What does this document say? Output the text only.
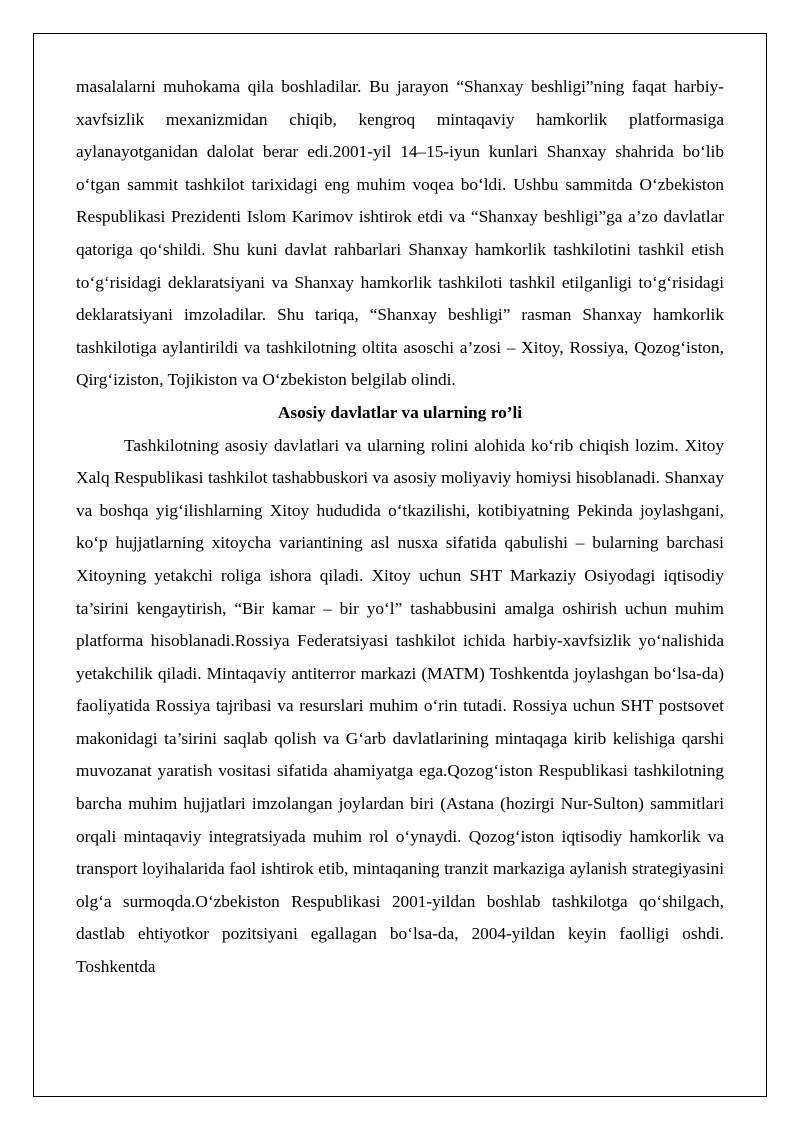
masalalarni muhokama qila boshladilar. Bu jarayon “Shanxay beshligi”ning faqat harbiy-xavfsizlik mexanizmidan chiqib, kengroq mintaqaviy hamkorlik platformasiga aylanayotganidan dalolat berar edi.2001-yil 14–15-iyun kunlari Shanxay shahrida bo‘lib o‘tgan sammit tashkilot tarixidagi eng muhim voqea bo‘ldi. Ushbu sammitda O‘zbekiston Respublikasi Prezidenti Islom Karimov ishtirok etdi va “Shanxay beshligi”ga a’zo davlatlar qatoriga qo‘shildi. Shu kuni davlat rahbarlari Shanxay hamkorlik tashkilotini tashkil etish to‘g‘risidagi deklaratsiyani va Shanxay hamkorlik tashkiloti tashkil etilganligi to‘g‘risidagi deklaratsiyani imzoladilar. Shu tariqa, “Shanxay beshligi” rasman Shanxay hamkorlik tashkilotiga aylantirildi va tashkilotning oltita asoschi a’zosi – Xitoy, Rossiya, Qozog‘iston, Qirg‘iziston, Tojikiston va O‘zbekiston belgilab olindi.

Asosiy davlatlar va ularning ro’li

Tashkilotning asosiy davlatlari va ularning rolini alohida ko‘rib chiqish lozim. Xitoy Xalq Respublikasi tashkilot tashabbuskori va asosiy moliyaviy homiysi hisoblanadi. Shanxay va boshqa yig‘ilishlarning Xitoy hududida o‘tkazilishi, kotibiyatning Pekinda joylashgani, ko‘p hujjatlarning xitoycha variantining asl nusxa sifatida qabulishi – bularning barchasi Xitoyning yetakchi roliga ishora qiladi. Xitoy uchun SHT Markaziy Osiyodagi iqtisodiy ta’sirini kengaytirish, “Bir kamar – bir yo‘l” tashabbusini amalga oshirish uchun muhim platforma hisoblanadi.Rossiya Federatsiyasi tashkilot ichida harbiy-xavfsizlik yo‘nalishida yetakchilik qiladi. Mintaqaviy antiterror markazi (MATM) Toshkentda joylashgan bo‘lsa-da) faoliyatida Rossiya tajribasi va resurslari muhim o‘rin tutadi. Rossiya uchun SHT postsovet makonidagi ta’sirini saqlab qolish va G‘arb davlatlarining mintaqaga kirib kelishiga qarshi muvozanat yaratish vositasi sifatida ahamiyatga ega.Qozog‘iston Respublikasi tashkilotning barcha muhim hujjatlari imzolangan joylardan biri (Astana (hozirgi Nur-Sulton) sammitlari orqali mintaqaviy integratsiyada muhim rol o‘ynaydi. Qozog‘iston iqtisodiy hamkorlik va transport loyihalarida faol ishtirok etib, mintaqaning tranzit markaziga aylanish strategiyasini olg‘a surmoqda.O‘zbekiston Respublikasi 2001-yildan boshlab tashkilotga qo‘shilgach, dastlab ehtiyotkor pozitsiyani egallagan bo‘lsa-da, 2004-yildan keyin faolligi oshdi. Toshkentda
